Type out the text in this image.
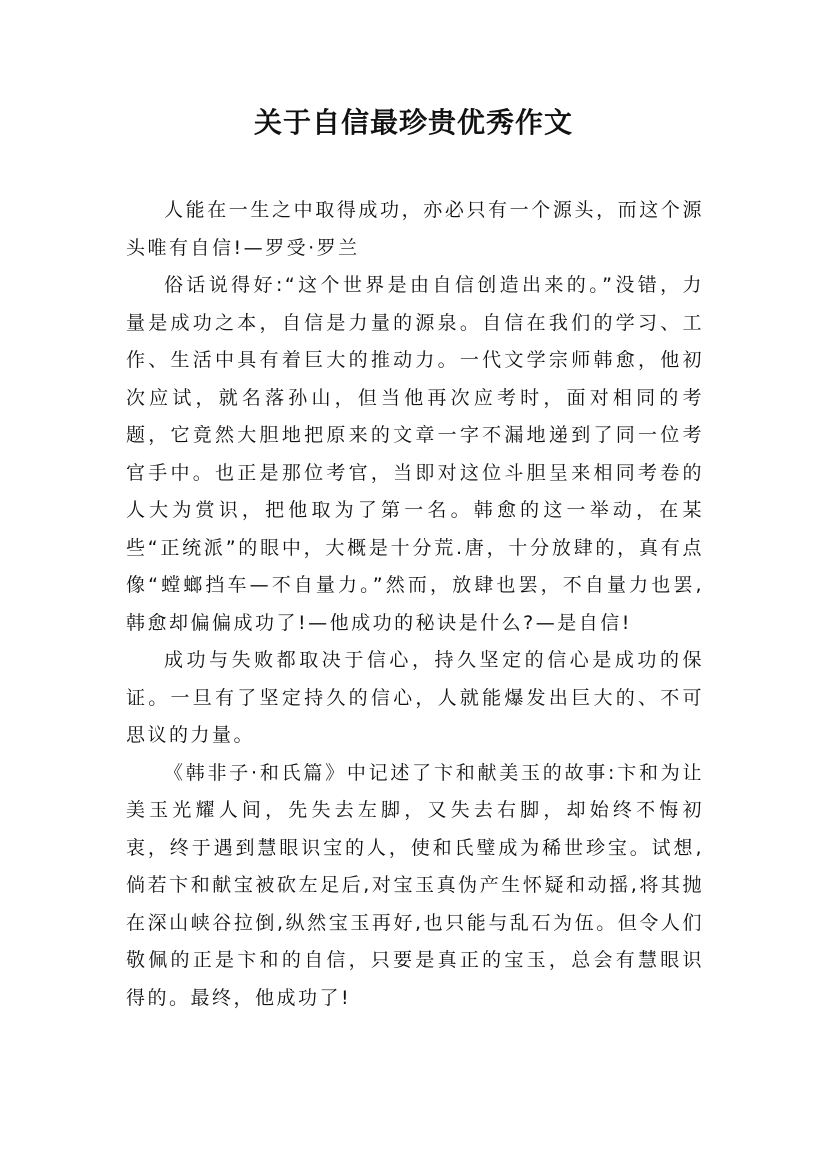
关于自信最珍贵优秀作文

人能在一生之中取得成功，亦必只有一个源头，而这个源头唯有自信!—罗受·罗兰

俗话说得好:“这个世界是由自信创造出来的。”没错，力量是成功之本，自信是力量的源泉。自信在我们的学习、工作、生活中具有着巨大的推动力。一代文学宗师韩愈，他初次应试，就名落孙山，但当他再次应考时，面对相同的考题，它竟然大胆地把原来的文章一字不漏地递到了同一位考官手中。也正是那位考官，当即对这位斗胆呈来相同考卷的人大为赏识，把他取为了第一名。韩愈的这一举动，在某些“正统派”的眼中，大概是十分荒.唐，十分放肆的，真有点像“螳螂挡车—不自量力。”然而，放肆也罢，不自量力也罢,韩愈却偏偏成功了!—他成功的秘诀是什么?—是自信!

成功与失败都取决于信心，持久坚定的信心是成功的保证。一旦有了坚定持久的信心，人就能爆发出巨大的、不可思议的力量。

《韩非子·和氏篇》中记述了卞和献美玉的故事:卞和为让美玉光耀人间，先失去左脚，又失去右脚，却始终不悔初衷，终于遇到慧眼识宝的人，使和氏璧成为稀世珍宝。试想,倘若卞和献宝被砍左足后,对宝玉真伪产生怀疑和动摇,将其抛在深山峡谷拉倒,纵然宝玉再好,也只能与乱石为伍。但令人们敬佩的正是卞和的自信，只要是真正的宝玉，总会有慧眼识得的。最终，他成功了!
